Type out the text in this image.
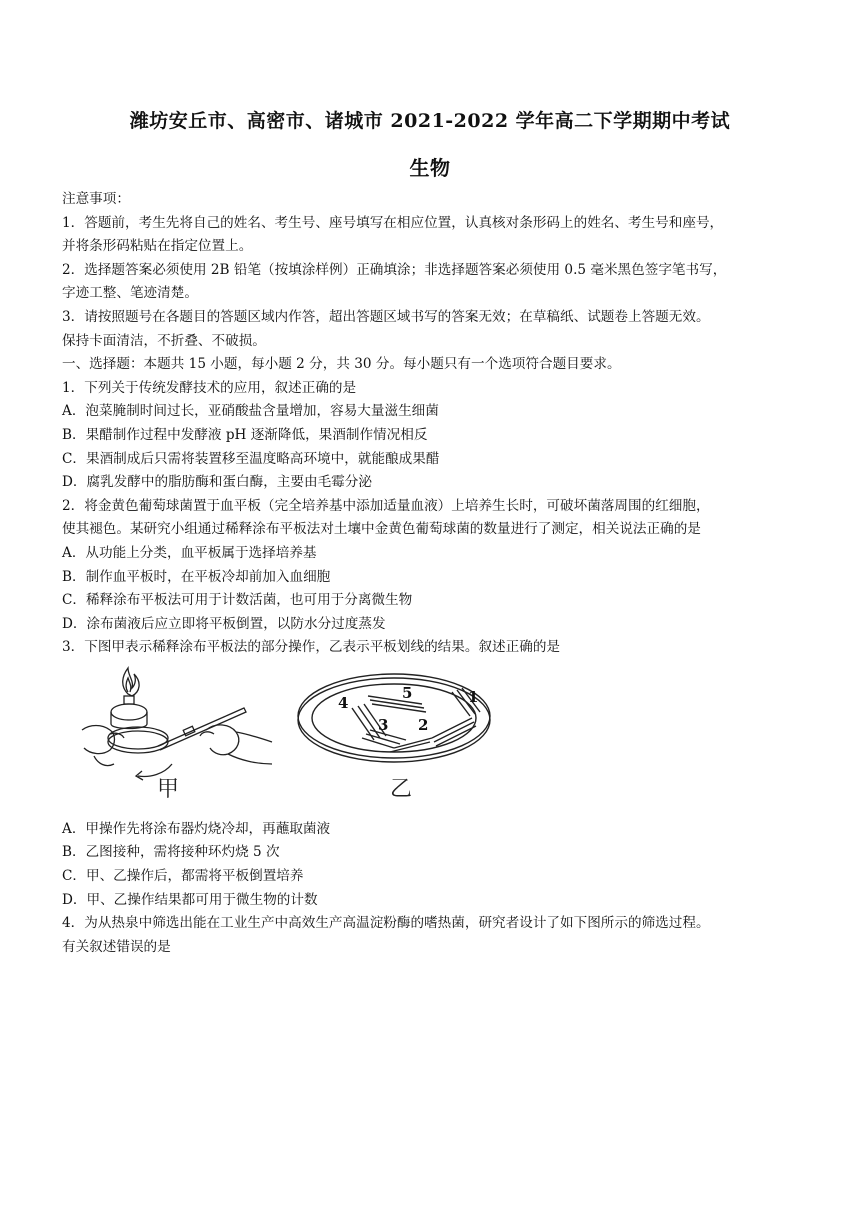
潍坊安丘市、高密市、诸城市 2021-2022 学年高二下学期期中考试
生物

注意事项：

1．答题前，考生先将自己的姓名、考生号、座号填写在相应位置，认真核对条形码上的姓名、考生号和座号，

并将条形码粘贴在指定位置上。

2．选择题答案必须使用 2B 铅笔（按填涂样例）正确填涂；非选择题答案必须使用 0.5 毫米黑色签字笔书写，

字迹工整、笔迹清楚。

3．请按照题号在各题目的答题区域内作答，超出答题区域书写的答案无效；在草稿纸、试题卷上答题无效。

保持卡面清洁，不折叠、不破损。

一、选择题：本题共 15 小题，每小题 2 分，共 30 分。每小题只有一个选项符合题目要求。

1．下列关于传统发酵技术的应用，叙述正确的是

A．泡菜腌制时间过长，亚硝酸盐含量增加，容易大量滋生细菌

B．果醋制作过程中发酵液 pH 逐渐降低，果酒制作情况相反

C．果酒制成后只需将装置移至温度略高环境中，就能酿成果醋

D．腐乳发酵中的脂肪酶和蛋白酶，主要由毛霉分泌

2．将金黄色葡萄球菌置于血平板（完全培养基中添加适量血液）上培养生长时，可破坏菌落周围的红细胞，

使其褪色。某研究小组通过稀释涂布平板法对土壤中金黄色葡萄球菌的数量进行了测定，相关说法正确的是

A．从功能上分类，血平板属于选择培养基

B．制作血平板时，在平板冷却前加入血细胞

C．稀释涂布平板法可用于计数活菌，也可用于分离微生物

D．涂布菌液后应立即将平板倒置，以防水分过度蒸发

3．下图甲表示稀释涂布平板法的部分操作，乙表示平板划线的结果。叙述正确的是

4
5	1
3 2
甲	乙

A．甲操作先将涂布器灼烧冷却，再蘸取菌液

B．乙图接种，需将接种环灼烧 5 次

C．甲、乙操作后，都需将平板倒置培养

D．甲、乙操作结果都可用于微生物的计数

4．为从热泉中筛选出能在工业生产中高效生产高温淀粉酶的嗜热菌，研究者设计了如下图所示的筛选过程。

有关叙述错误的是
